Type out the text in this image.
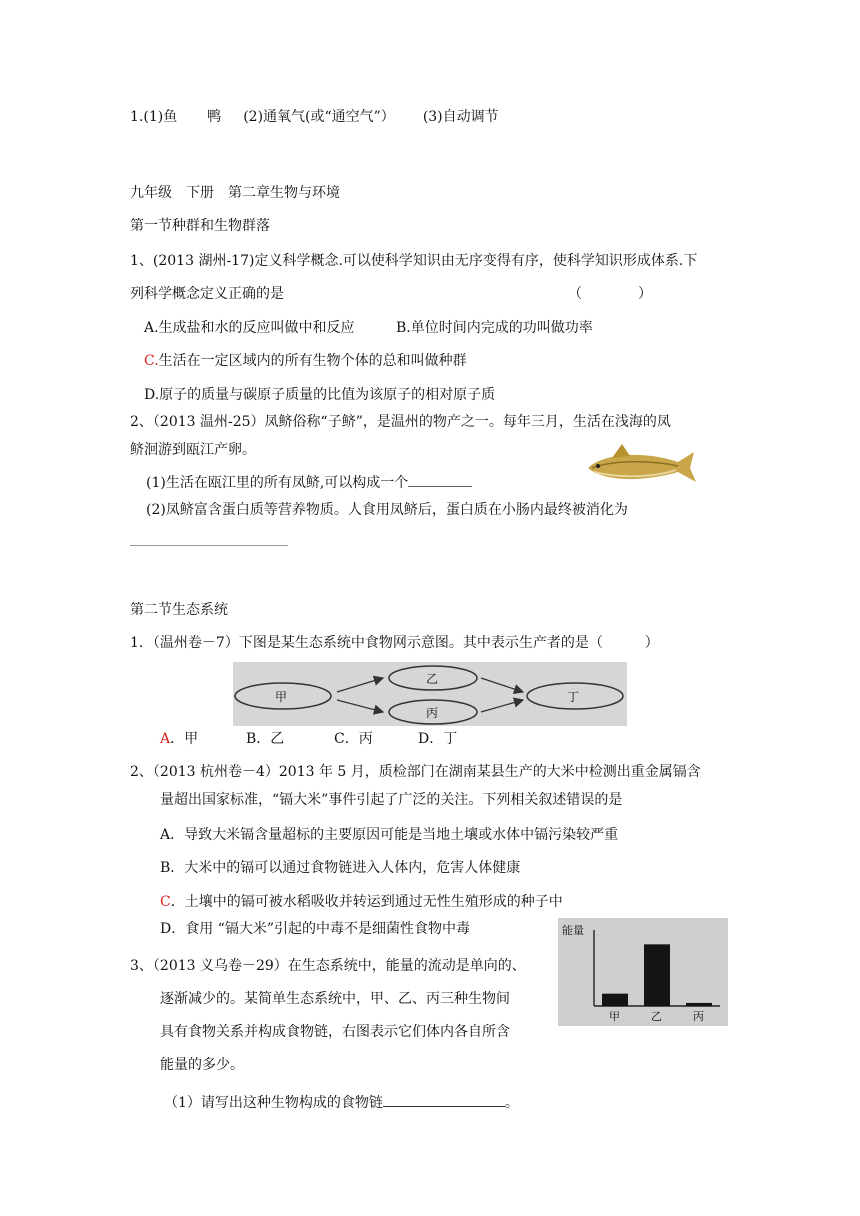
1.(1)鱼 鸭 (2)通氧气(或“通空气”） (3)自动调节
九年级　下册　第二章生物与环境
第一节种群和生物群落
1、(2013 湖州-17)定义科学概念.可以使科学知识由无序变得有序，使科学知识形成体系.下
列科学概念定义正确的是	（　　　　）
A.生成盐和水的反应叫做中和反应	B.单位时间内完成的功叫做功率
C.生活在一定区域内的所有生物个体的总和叫做种群
D.原子的质量与碳原子质量的比值为该原子的相对原子质
2、（2013 温州-25）凤鲚俗称“子鲚”，是温州的物产之一。每年三月，生活在浅海的凤
鲚洄游到瓯江产卵。
(1)生活在瓯江里的所有凤鲚,可以构成一个
(2)凤鲚富含蛋白质等营养物质。人食用凤鲚后，蛋白质在小肠内最终被消化为
第二节生态系统
1．（温州卷－7）下图是某生态系统中食物网示意图。其中表示生产者的是（　　　）
甲
乙
丙
丁
A．甲	B．乙	C．丙	D．丁
2、（2013 杭州卷－4）2013 年 5 月，质检部门在湖南某县生产的大米中检测出重金属镉含
量超出国家标准，“镉大米”事件引起了广泛的关注。下列相关叙述错误的是
A．导致大米镉含量超标的主要原因可能是当地土壤或水体中镉污染较严重
B．大米中的镉可以通过食物链进入人体内，危害人体健康
C．土壤中的镉可被水稻吸收并转运到通过无性生殖形成的种子中
D．食用 “镉大米”引起的中毒不是细菌性食物中毒
3、（2013 义乌卷－29）在生态系统中，能量的流动是单向的、
逐渐减少的。某简单生态系统中，甲、乙、丙三种生物间
具有食物关系并构成食物链，右图表示它们体内各自所含
能量的多少。
（1）请写出这种生物构成的食物链	。
能量
甲	乙	丙
